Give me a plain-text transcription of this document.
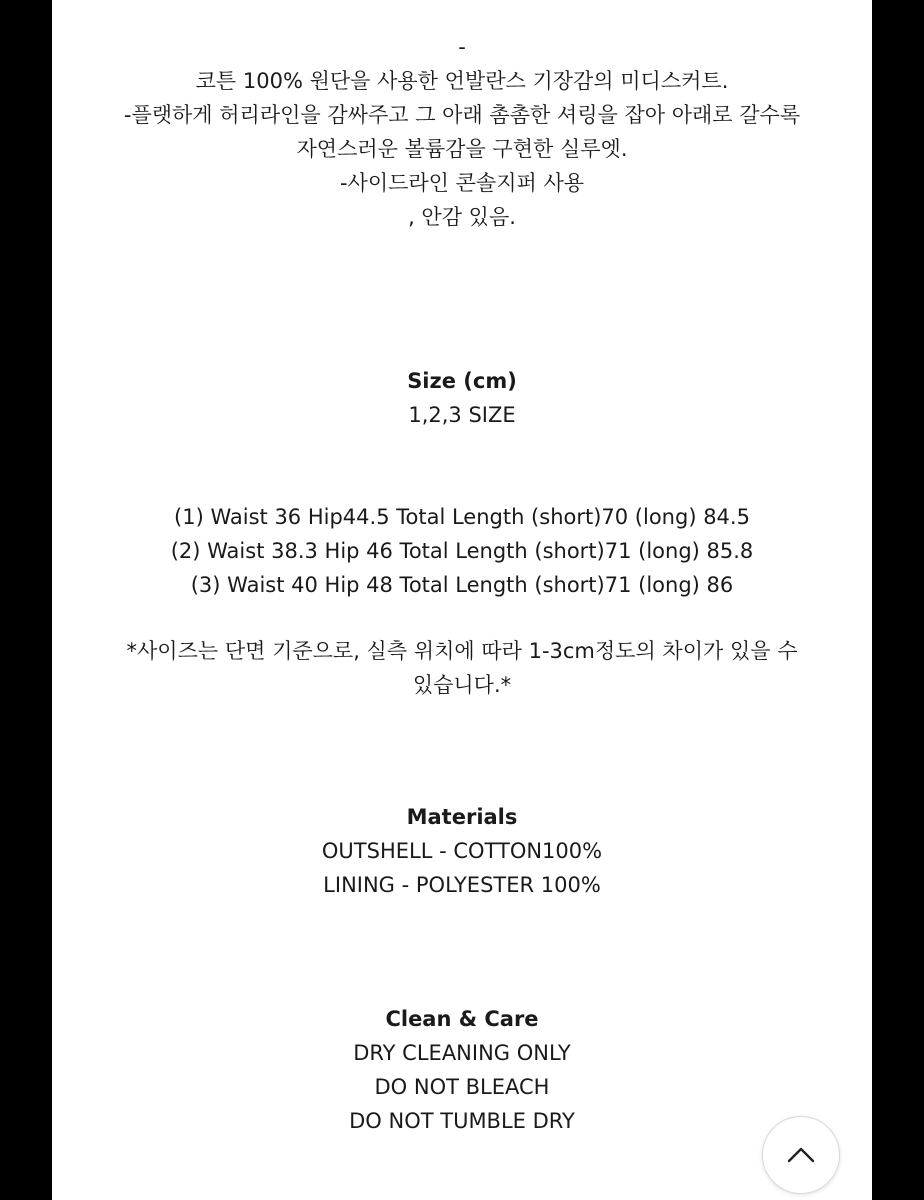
-
코튼 100% 원단을 사용한 언발란스 기장감의 미디스커트.
-플랫하게 허리라인을 감싸주고 그 아래 촘촘한 셔링을 잡아 아래로 갈수록
자연스러운 볼륨감을 구현한 실루엣.
-사이드라인 콘솔지퍼 사용
, 안감 있음.
Size (cm)
1,2,3 SIZE
(1) Waist 36 Hip44.5 Total Length (short)70 (long) 84.5
(2) Waist 38.3 Hip 46 Total Length (short)71 (long) 85.8
(3) Waist 40 Hip 48 Total Length (short)71 (long) 86
*사이즈는 단면 기준으로, 실측 위치에 따라 1-3cm정도의 차이가 있을 수
있습니다.*
Materials
OUTSHELL - COTTON100%
LINING - POLYESTER 100%
Clean & Care
DRY CLEANING ONLY
DO NOT BLEACH
DO NOT TUMBLE DRY
